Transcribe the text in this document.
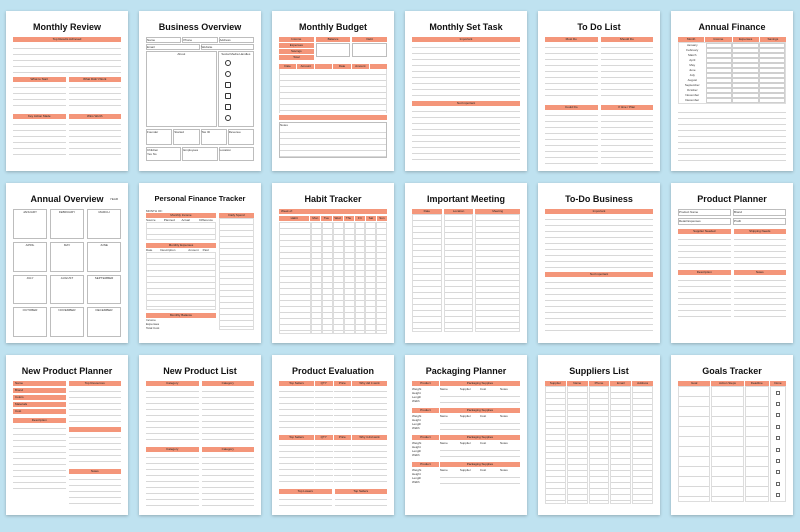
Monthly Review
Top Results Achieved
What to Start	What Didn't Work
Key Action Made	Wins Worth
Business Overview
Name	Phone	Address
Email	Website
About	Social Media Handles
Founder	Started	Tax ID	Revenue
Children
Yes No
Employees	Location
Monthly Budget
Income
Expenses
Savings
Total
Balance	Debt
Date	Amount	Date	Amount
Notes
Monthly Set Task
Important
Not Important
To Do List
Must Do	Should Do
Could Do	If time / Plan
Annual Finance
Month	Income	Expenses	Savings
January
February
March
April
May
June
July
August
September
October
November
December
Annual Overview	YEAR
JANUARY	FEBRUARY	MARCH
APRIL	MAY	JUNE
JULY	AUGUST	SEPTEMBER
OCTOBER	NOVEMBER	DECEMBER
Personal Finance Tracker
MONTH OF:
Monthly Income
Source	Planned	Actual	Difference
Monthly Expenses
Date	Description	Amount	Paid
Monthly Balance
Income
Expenses
Total Cost
Daily Spend
Habit Tracker
Week of:
Habit	Mon	Tue	Wed	Thu	Fri	Sat	Sun
Important Meeting
Date	Location	Meeting
To-Do Business
Important
Not Important
Product Planner
Product Name	Brand
Retail Expenses	Profit
Supplier Needed	Shipping Needs
Description	Notes
New Product Planner
Name
Brand
Colors
Materials
Cost
Description
Top Resources
Notes
New Product List
Category	Category
Category	Category
Product Evaluation
Top Sellers	QTY	Price	Why did it work
Top Sellers	QTY	Price	Why it did work
Top Lowers	Top Sellers
Packaging Planner
Product	Packaging Supplies
Weight
Height
Length
Width
Name	Supplier	Cost	Notes
Product	Packaging Supplies
Weight
Height
Length
Width
Name	Supplier	Cost	Notes
Product	Packaging Supplies
Weight
Height
Length
Width
Name	Supplier	Cost	Notes
Product	Packaging Supplies
Weight
Height
Length
Width
Name	Supplier	Cost	Notes
Suppliers List
Supplier	Name	Phone	Email	Address
Goals Tracker
Goal	Action Steps	Deadline	Done
